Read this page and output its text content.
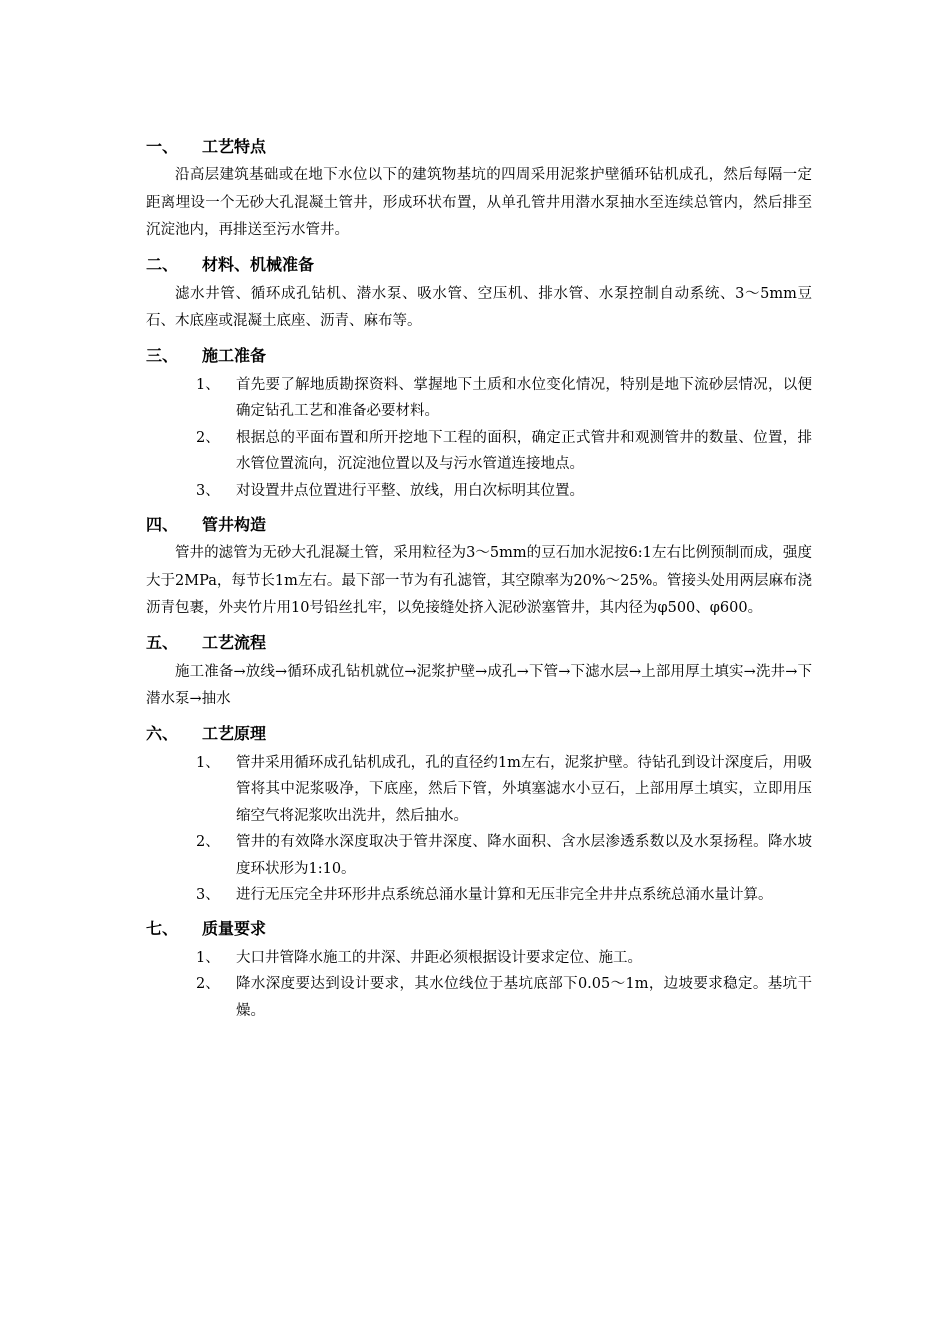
一、	工艺特点

沿高层建筑基础或在地下水位以下的建筑物基坑的四周采用泥浆护壁循环钻机成孔，然后每隔一定距离埋设一个无砂大孔混凝土管井，形成环状布置，从单孔管井用潜水泵抽水至连续总管内，然后排至沉淀池内，再排送至污水管井。

二、	材料、机械准备

滤水井管、循环成孔钻机、潜水泵、吸水管、空压机、排水管、水泵控制自动系统、3～5mm豆石、木底座或混凝土底座、沥青、麻布等。

三、	施工准备
1、	首先要了解地质勘探资料、掌握地下土质和水位变化情况，特别是地下流砂层情况，以便确定钻孔工艺和准备必要材料。
2、	根据总的平面布置和所开挖地下工程的面积，确定正式管井和观测管井的数量、位置，排水管位置流向，沉淀池位置以及与污水管道连接地点。
3、	对设置井点位置进行平整、放线，用白次标明其位置。
四、	管井构造

管井的滤管为无砂大孔混凝土管，采用粒径为3～5mm的豆石加水泥按6:1左右比例预制而成，强度大于2MPa，每节长1m左右。最下部一节为有孔滤管，其空隙率为20%～25%。管接头处用两层麻布浇沥青包裹，外夹竹片用10号铅丝扎牢，以免接缝处挤入泥砂淤塞管井，其内径为φ500、φ600。

五、	工艺流程

施工准备→放线→循环成孔钻机就位→泥浆护壁→成孔→下管→下滤水层→上部用厚土填实→洗井→下潜水泵→抽水

六、	工艺原理
1、	管井采用循环成孔钻机成孔，孔的直径约1m左右，泥浆护壁。待钻孔到设计深度后，用吸管将其中泥浆吸净，下底座，然后下管，外填塞滤水小豆石，上部用厚土填实，立即用压缩空气将泥浆吹出洗井，然后抽水。
2、	管井的有效降水深度取决于管井深度、降水面积、含水层渗透系数以及水泵扬程。降水坡度环状形为1:10。
3、	进行无压完全井环形井点系统总涌水量计算和无压非完全井井点系统总涌水量计算。
七、	质量要求
1、	大口井管降水施工的井深、井距必须根据设计要求定位、施工。
2、	降水深度要达到设计要求，其水位线位于基坑底部下0.05～1m，边坡要求稳定。基坑干燥。
